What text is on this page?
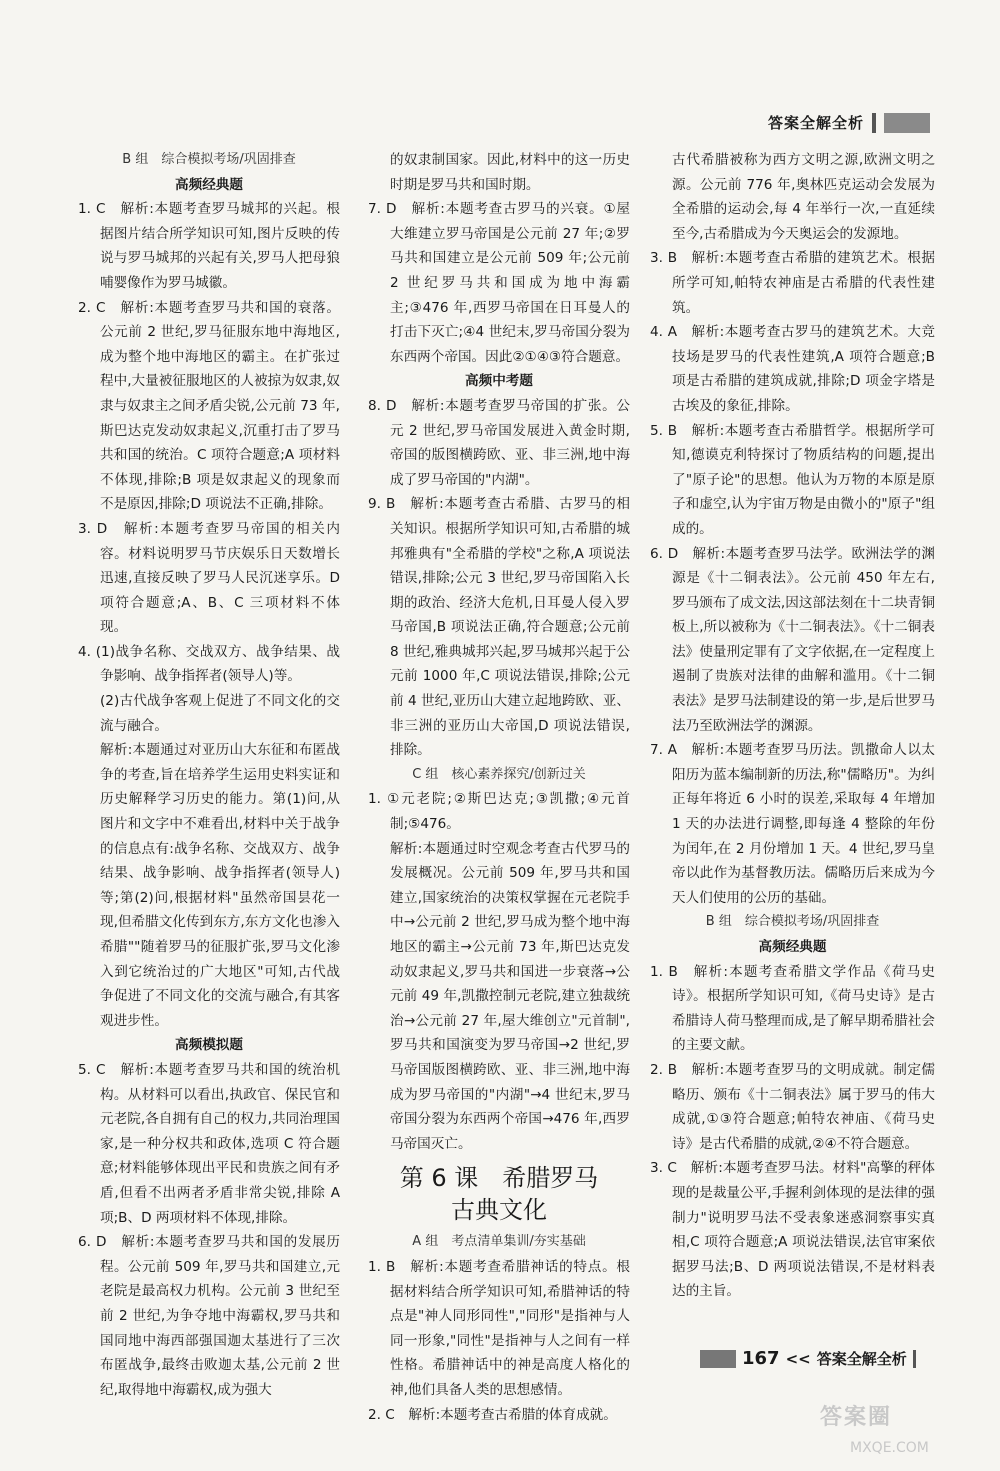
答案全解全析
B 组　综合模拟考场/巩固排查
高频经典题

1. C　解析:本题考查罗马城邦的兴起。根据图片结合所学知识可知,图片反映的传说与罗马城邦的兴起有关,罗马人把母狼哺婴像作为罗马城徽。

2. C　解析:本题考查罗马共和国的衰落。公元前 2 世纪,罗马征服东地中海地区,成为整个地中海地区的霸主。在扩张过程中,大量被征服地区的人被掠为奴隶,奴隶与奴隶主之间矛盾尖锐,公元前 73 年,斯巴达克发动奴隶起义,沉重打击了罗马共和国的统治。C 项符合题意;A 项材料不体现,排除;B 项是奴隶起义的现象而不是原因,排除;D 项说法不正确,排除。

3. D　解析:本题考查罗马帝国的相关内容。材料说明罗马节庆娱乐日天数增长迅速,直接反映了罗马人民沉迷享乐。D 项符合题意;A、B、C 三项材料不体现。

4. (1)战争名称、交战双方、战争结果、战争影响、战争指挥者(领导人)等。

(2)古代战争客观上促进了不同文化的交流与融合。

解析:本题通过对亚历山大东征和布匿战争的考查,旨在培养学生运用史料实证和历史解释学习历史的能力。第(1)问,从图片和文字中不难看出,材料中关于战争的信息点有:战争名称、交战双方、战争结果、战争影响、战争指挥者(领导人)等;第(2)问,根据材料"虽然帝国昙花一现,但希腊文化传到东方,东方文化也渗入希腊""随着罗马的征服扩张,罗马文化渗入到它统治过的广大地区"可知,古代战争促进了不同文化的交流与融合,有其客观进步性。

高频模拟题

5. C　解析:本题考查罗马共和国的统治机构。从材料可以看出,执政官、保民官和元老院,各自拥有自己的权力,共同治理国家,是一种分权共和政体,选项 C 符合题意;材料能够体现出平民和贵族之间有矛盾,但看不出两者矛盾非常尖锐,排除 A 项;B、D 两项材料不体现,排除。

6. D　解析:本题考查罗马共和国的发展历程。公元前 509 年,罗马共和国建立,元老院是最高权力机构。公元前 3 世纪至前 2 世纪,为争夺地中海霸权,罗马共和国同地中海西部强国迦太基进行了三次布匿战争,最终击败迦太基,公元前 2 世纪,取得地中海霸权,成为强大

的奴隶制国家。因此,材料中的这一历史时期是罗马共和国时期。

7. D　解析:本题考查古罗马的兴衰。①屋大维建立罗马帝国是公元前 27 年;②罗马共和国建立是公元前 509 年;公元前 2 世纪罗马共和国成为地中海霸主;③476 年,西罗马帝国在日耳曼人的打击下灭亡;④4 世纪末,罗马帝国分裂为东西两个帝国。因此②①④③符合题意。

高频中考题

8. D　解析:本题考查罗马帝国的扩张。公元 2 世纪,罗马帝国发展进入黄金时期,帝国的版图横跨欧、亚、非三洲,地中海成了罗马帝国的"内湖"。

9. B　解析:本题考查古希腊、古罗马的相关知识。根据所学知识可知,古希腊的城邦雅典有"全希腊的学校"之称,A 项说法错误,排除;公元 3 世纪,罗马帝国陷入长期的政治、经济大危机,日耳曼人侵入罗马帝国,B 项说法正确,符合题意;公元前 8 世纪,雅典城邦兴起,罗马城邦兴起于公元前 1000 年,C 项说法错误,排除;公元前 4 世纪,亚历山大建立起地跨欧、亚、非三洲的亚历山大帝国,D 项说法错误,排除。

C 组　核心素养探究/创新过关

1. ①元老院;②斯巴达克;③凯撒;④元首制;⑤476。

解析:本题通过时空观念考查古代罗马的发展概况。公元前 509 年,罗马共和国建立,国家统治的决策权掌握在元老院手中→公元前 2 世纪,罗马成为整个地中海地区的霸主→公元前 73 年,斯巴达克发动奴隶起义,罗马共和国进一步衰落→公元前 49 年,凯撒控制元老院,建立独裁统治→公元前 27 年,屋大维创立"元首制",罗马共和国演变为罗马帝国→2 世纪,罗马帝国版图横跨欧、亚、非三洲,地中海成为罗马帝国的"内湖"→4 世纪末,罗马帝国分裂为东西两个帝国→476 年,西罗马帝国灭亡。

第 6 课　希腊罗马
古典文化
A 组　考点清单集训/夯实基础

1. B　解析:本题考查希腊神话的特点。根据材料结合所学知识可知,希腊神话的特点是"神人同形同性","同形"是指神与人同一形象,"同性"是指神与人之间有一样性格。希腊神话中的神是高度人格化的神,他们具备人类的思想感情。

2. C　解析:本题考查古希腊的体育成就。

古代希腊被称为西方文明之源,欧洲文明之源。公元前 776 年,奥林匹克运动会发展为全希腊的运动会,每 4 年举行一次,一直延续至今,古希腊成为今天奥运会的发源地。

3. B　解析:本题考查古希腊的建筑艺术。根据所学可知,帕特农神庙是古希腊的代表性建筑。

4. A　解析:本题考查古罗马的建筑艺术。大竞技场是罗马的代表性建筑,A 项符合题意;B 项是古希腊的建筑成就,排除;D 项金字塔是古埃及的象征,排除。

5. B　解析:本题考查古希腊哲学。根据所学可知,德谟克利特探讨了物质结构的问题,提出了"原子论"的思想。他认为万物的本原是原子和虚空,认为宇宙万物是由微小的"原子"组成的。

6. D　解析:本题考查罗马法学。欧洲法学的渊源是《十二铜表法》。公元前 450 年左右,罗马颁布了成文法,因这部法刻在十二块青铜板上,所以被称为《十二铜表法》。《十二铜表法》使量刑定罪有了文字依据,在一定程度上遏制了贵族对法律的曲解和滥用。《十二铜表法》是罗马法制建设的第一步,是后世罗马法乃至欧洲法学的渊源。

7. A　解析:本题考查罗马历法。凯撒命人以太阳历为蓝本编制新的历法,称"儒略历"。为纠正每年将近 6 小时的误差,采取每 4 年增加 1 天的办法进行调整,即每逢 4 整除的年份为闰年,在 2 月份增加 1 天。4 世纪,罗马皇帝以此作为基督教历法。儒略历后来成为今天人们使用的公历的基础。

B 组　综合模拟考场/巩固排查
高频经典题

1. B　解析:本题考查希腊文学作品《荷马史诗》。根据所学知识可知,《荷马史诗》是古希腊诗人荷马整理而成,是了解早期希腊社会的主要文献。

2. B　解析:本题考查罗马的文明成就。制定儒略历、颁布《十二铜表法》属于罗马的伟大成就,①③符合题意;帕特农神庙、《荷马史诗》是古代希腊的成就,②④不符合题意。

3. C　解析:本题考查罗马法。材料"高擎的秤体现的是裁量公平,手握利剑体现的是法律的强制力"说明罗马法不受表象迷惑洞察事实真相,C 项符合题意;A 项说法错误,法官审案依据罗马法;B、D 两项说法错误,不是材料表达的主旨。

167 << 答案全解全析
答案圈
MXQE.COM
